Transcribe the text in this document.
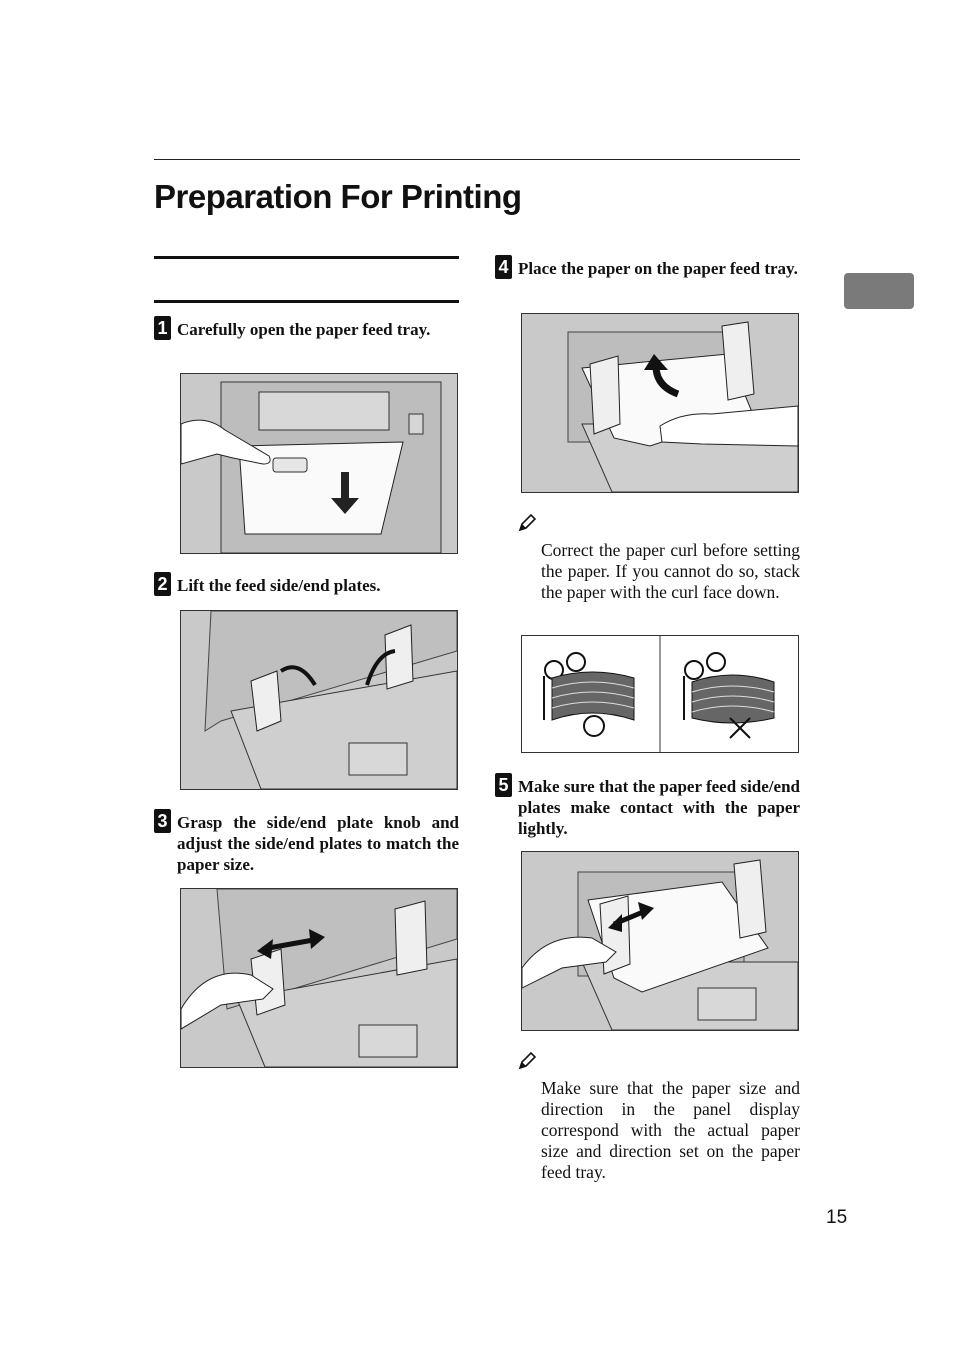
Preparation For Printing
1 Carefully open the paper feed tray.
2 Lift the feed side/end plates.
3 Grasp the side/end plate knob and adjust the side/end plates to match the paper size.
4 Place the paper on the paper feed tray.
Correct the paper curl before setting the paper. If you cannot do so, stack the paper with the curl face down.
5 Make sure that the paper feed side/end plates make contact with the paper lightly.
Make sure that the paper size and direction in the panel display correspond with the actual paper size and direction set on the paper feed tray.
15
